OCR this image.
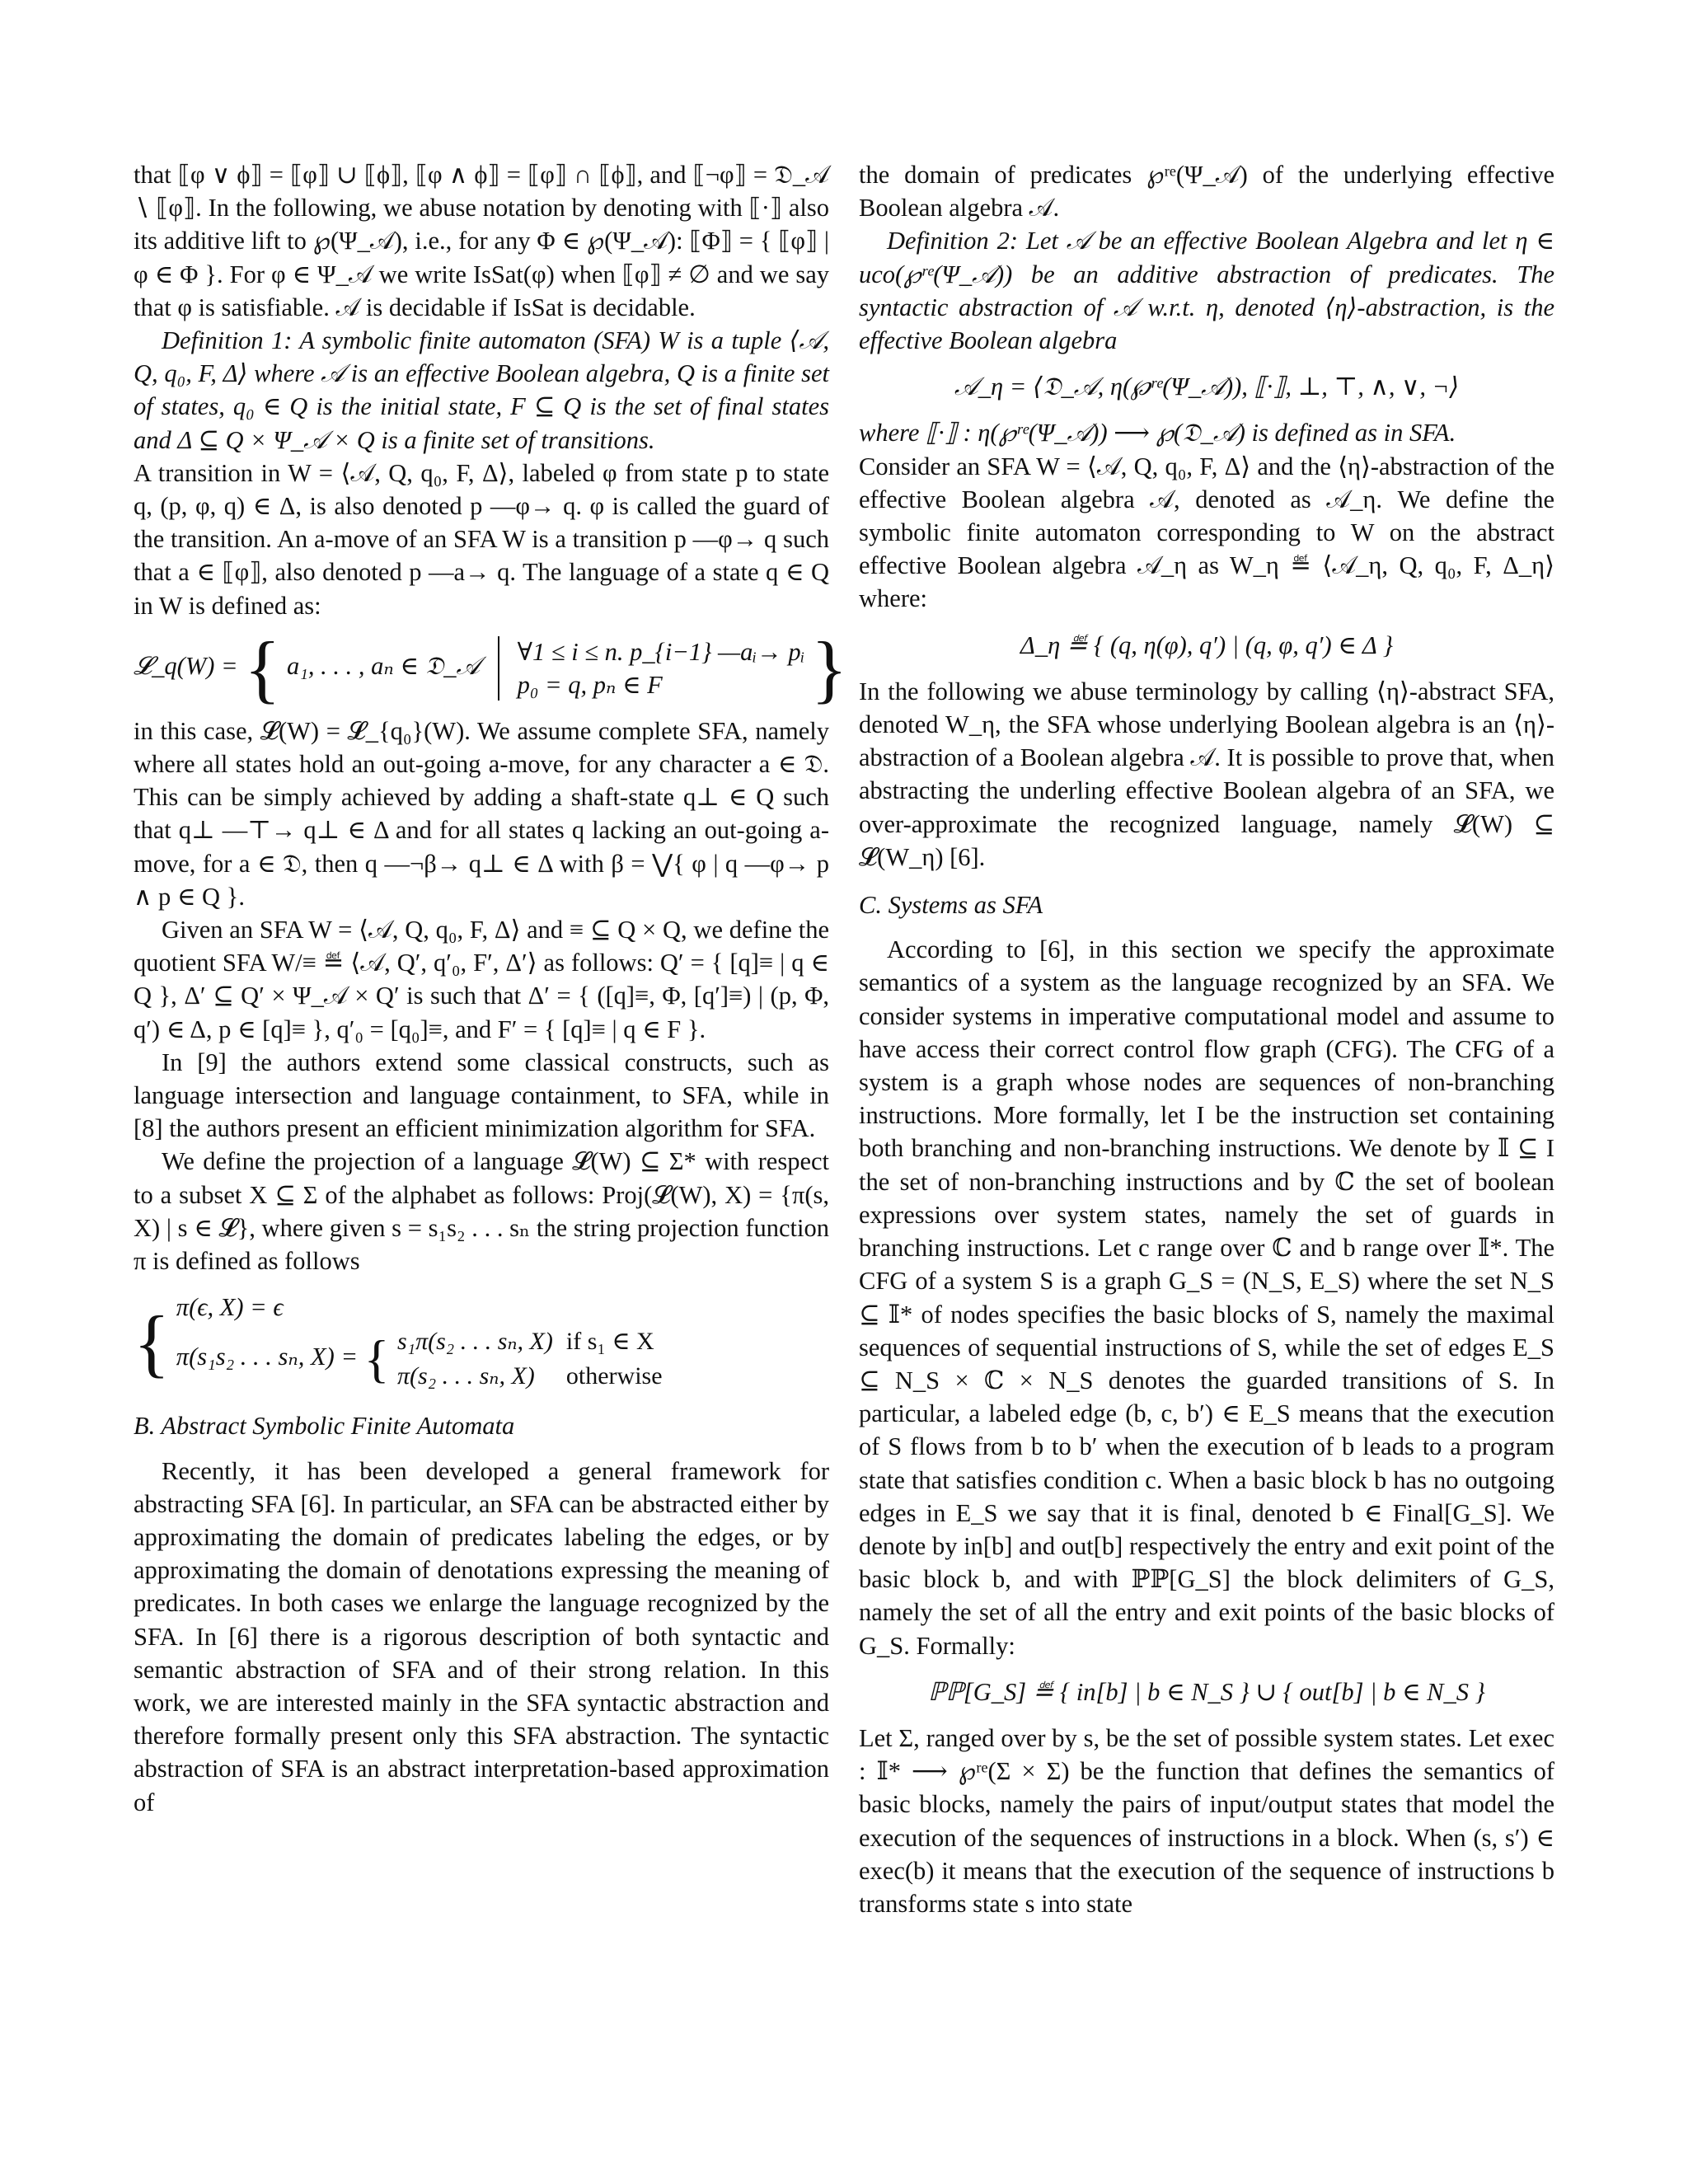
that ⟦φ ∨ ϕ⟧ = ⟦φ⟧ ∪ ⟦ϕ⟧, ⟦φ ∧ ϕ⟧ = ⟦φ⟧ ∩ ⟦ϕ⟧, and ⟦¬φ⟧ = 𝔇_𝒜 ∖ ⟦φ⟧. In the following, we abuse notation by denoting with ⟦·⟧ also its additive lift to ℘(Ψ_𝒜), i.e., for any Φ ∈ ℘(Ψ_𝒜): ⟦Φ⟧ = { ⟦φ⟧ | φ ∈ Φ }. For φ ∈ Ψ_𝒜 we write IsSat(φ) when ⟦φ⟧ ≠ ∅ and we say that φ is satisfiable. 𝒜 is decidable if IsSat is decidable.

Definition 1: A symbolic finite automaton (SFA) W is a tuple ⟨𝒜, Q, q₀, F, Δ⟩ where 𝒜 is an effective Boolean algebra, Q is a finite set of states, q₀ ∈ Q is the initial state, F ⊆ Q is the set of final states and Δ ⊆ Q × Ψ_𝒜 × Q is a finite set of transitions.

A transition in W = ⟨𝒜, Q, q₀, F, Δ⟩, labeled φ from state p to state q, (p, φ, q) ∈ Δ, is also denoted p —φ→ q. φ is called the guard of the transition. An a-move of an SFA W is a transition p —φ→ q such that a ∈ ⟦φ⟧, also denoted p —a→ q. The language of a state q ∈ Q in W is defined as:

𝓛_q(W) = { a₁, . . . , aₙ ∈ 𝔇_𝒜 ∀1 ≤ i ≤ n. p_{i−1} —aᵢ→ pᵢ
p₀ = q, pₙ ∈ F }

in this case, 𝓛(W) = 𝓛_{q₀}(W). We assume complete SFA, namely where all states hold an out-going a-move, for any character a ∈ 𝔇. This can be simply achieved by adding a shaft-state q⊥ ∈ Q such that q⊥ —⊤→ q⊥ ∈ Δ and for all states q lacking an out-going a-move, for a ∈ 𝔇, then q —¬β→ q⊥ ∈ Δ with β = ⋁{ φ | q —φ→ p ∧ p ∈ Q }.

Given an SFA W = ⟨𝒜, Q, q₀, F, Δ⟩ and ≡ ⊆ Q × Q, we define the quotient SFA W/≡ ≝ ⟨𝒜, Q′, q′₀, F′, Δ′⟩ as follows: Q′ = { [q]≡ | q ∈ Q }, Δ′ ⊆ Q′ × Ψ_𝒜 × Q′ is such that Δ′ = { ([q]≡, Φ, [q′]≡) | (p, Φ, q′) ∈ Δ, p ∈ [q]≡ }, q′₀ = [q₀]≡, and F′ = { [q]≡ | q ∈ F }.

In [9] the authors extend some classical constructs, such as language intersection and language containment, to SFA, while in [8] the authors present an efficient minimization algorithm for SFA.

We define the projection of a language 𝓛(W) ⊆ Σ* with respect to a subset X ⊆ Σ of the alphabet as follows: Proj(𝓛(W), X) = {π(s, X) | s ∈ 𝓛}, where given s = s₁s₂ . . . sₙ the string projection function π is defined as follows

{ π(ϵ, X) = ϵ
π(s₁s₂ . . . sₙ, X) = { s₁π(s₂ . . . sₙ, X)	if s₁ ∈ X
π(s₂ . . . sₙ, X)	otherwise
B. Abstract Symbolic Finite Automata

Recently, it has been developed a general framework for abstracting SFA [6]. In particular, an SFA can be abstracted either by approximating the domain of predicates labeling the edges, or by approximating the domain of denotations expressing the meaning of predicates. In both cases we enlarge the language recognized by the SFA. In [6] there is a rigorous description of both syntactic and semantic abstraction of SFA and of their strong relation. In this work, we are interested mainly in the SFA syntactic abstraction and therefore formally present only this SFA abstraction. The syntactic abstraction of SFA is an abstract interpretation-based approximation of

the domain of predicates ℘ʳᵉ(Ψ_𝒜) of the underlying effective Boolean algebra 𝒜.

Definition 2: Let 𝒜 be an effective Boolean Algebra and let η ∈ uco(℘ʳᵉ(Ψ_𝒜)) be an additive abstraction of predicates. The syntactic abstraction of 𝒜 w.r.t. η, denoted ⟨η⟩-abstraction, is the effective Boolean algebra

𝒜_η = ⟨𝔇_𝒜, η(℘ʳᵉ(Ψ_𝒜)), ⟦·⟧, ⊥, ⊤, ∧, ∨, ¬⟩

where ⟦·⟧ : η(℘ʳᵉ(Ψ_𝒜)) ⟶ ℘(𝔇_𝒜) is defined as in SFA.

Consider an SFA W = ⟨𝒜, Q, q₀, F, Δ⟩ and the ⟨η⟩-abstraction of the effective Boolean algebra 𝒜, denoted as 𝒜_η. We define the symbolic finite automaton corresponding to W on the abstract effective Boolean algebra 𝒜_η as W_η ≝ ⟨𝒜_η, Q, q₀, F, Δ_η⟩ where:

Δ_η ≝ { (q, η(φ), q′) | (q, φ, q′) ∈ Δ }

In the following we abuse terminology by calling ⟨η⟩-abstract SFA, denoted W_η, the SFA whose underlying Boolean algebra is an ⟨η⟩-abstraction of a Boolean algebra 𝒜. It is possible to prove that, when abstracting the underling effective Boolean algebra of an SFA, we over-approximate the recognized language, namely 𝓛(W) ⊆ 𝓛(W_η) [6].

C. Systems as SFA

According to [6], in this section we specify the approximate semantics of a system as the language recognized by an SFA. We consider systems in imperative computational model and assume to have access their correct control flow graph (CFG). The CFG of a system is a graph whose nodes are sequences of non-branching instructions. More formally, let I be the instruction set containing both branching and non-branching instructions. We denote by 𝕀 ⊆ I the set of non-branching instructions and by ℂ the set of boolean expressions over system states, namely the set of guards in branching instructions. Let c range over ℂ and b range over 𝕀*. The CFG of a system S is a graph G_S = (N_S, E_S) where the set N_S ⊆ 𝕀* of nodes specifies the basic blocks of S, namely the maximal sequences of sequential instructions of S, while the set of edges E_S ⊆ N_S × ℂ × N_S denotes the guarded transitions of S. In particular, a labeled edge (b, c, b′) ∈ E_S means that the execution of S flows from b to b′ when the execution of b leads to a program state that satisfies condition c. When a basic block b has no outgoing edges in E_S we say that it is final, denoted b ∈ Final[G_S]. We denote by in[b] and out[b] respectively the entry and exit point of the basic block b, and with ℙℙ[G_S] the block delimiters of G_S, namely the set of all the entry and exit points of the basic blocks of G_S. Formally:

ℙℙ[G_S] ≝ { in[b] | b ∈ N_S } ∪ { out[b] | b ∈ N_S }

Let Σ, ranged over by s, be the set of possible system states. Let exec : 𝕀* ⟶ ℘ʳᵉ(Σ × Σ) be the function that defines the semantics of basic blocks, namely the pairs of input/output states that model the execution of the sequences of instructions in a block. When (s, s′) ∈ exec(b) it means that the execution of the sequence of instructions b transforms state s into state
